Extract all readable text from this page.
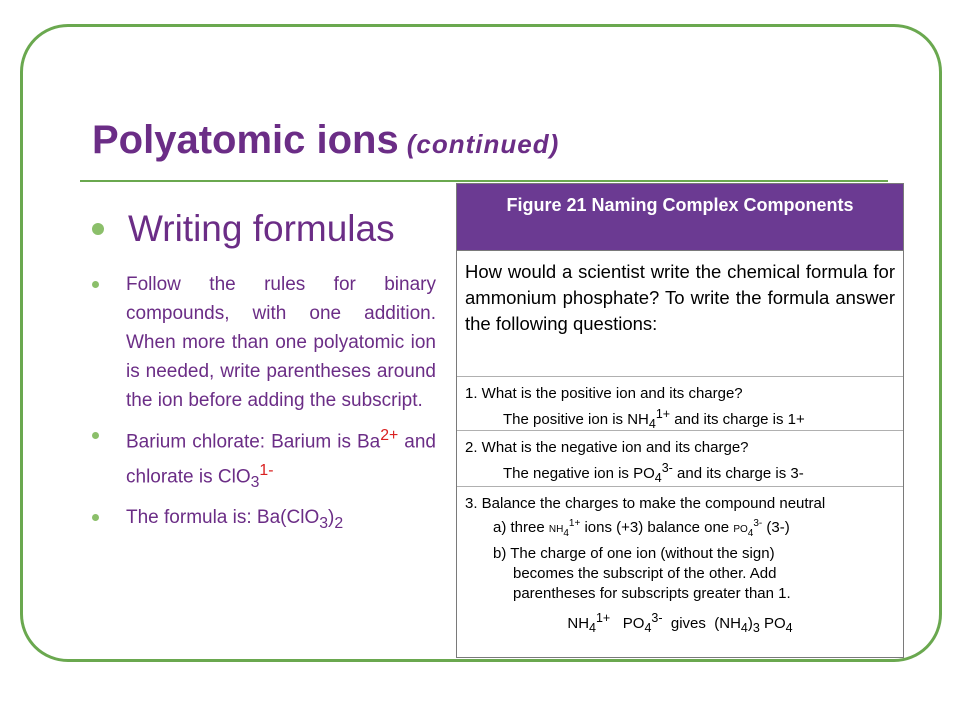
Polyatomic ions (continued)
Writing formulas
Follow the rules for binary compounds, with one addition. When more than one polyatomic ion is needed, write parentheses around the ion before adding the subscript.
Barium chlorate: Barium is $Ba^{2+}$ and chlorate is ClO$_3^{1-}$
The formula is: $Ba(ClO_3)_2$
Figure 21 Naming Complex Components
How would a scientist write the chemical formula for ammonium phosphate? To write the formula answer the following questions:
1. What is the positive ion and its charge?
The positive ion is $NH_4^{1+}$ and its charge is 1+
2. What is the negative ion and its charge?
The negative ion is $PO_4^{3-}$ and its charge is 3-
3. Balance the charges to make the compound neutral
a) three $NH_4^{1+}$ ions (+3) balance one $PO_4^{3-}$ (3-)
b) The charge of one ion (without the sign)
becomes the subscript of the other. Add
parentheses for subscripts greater than 1.
$NH_4^{1+}$ $PO_4^{3-}$ gives $(NH_4)_3$ $PO_4$
